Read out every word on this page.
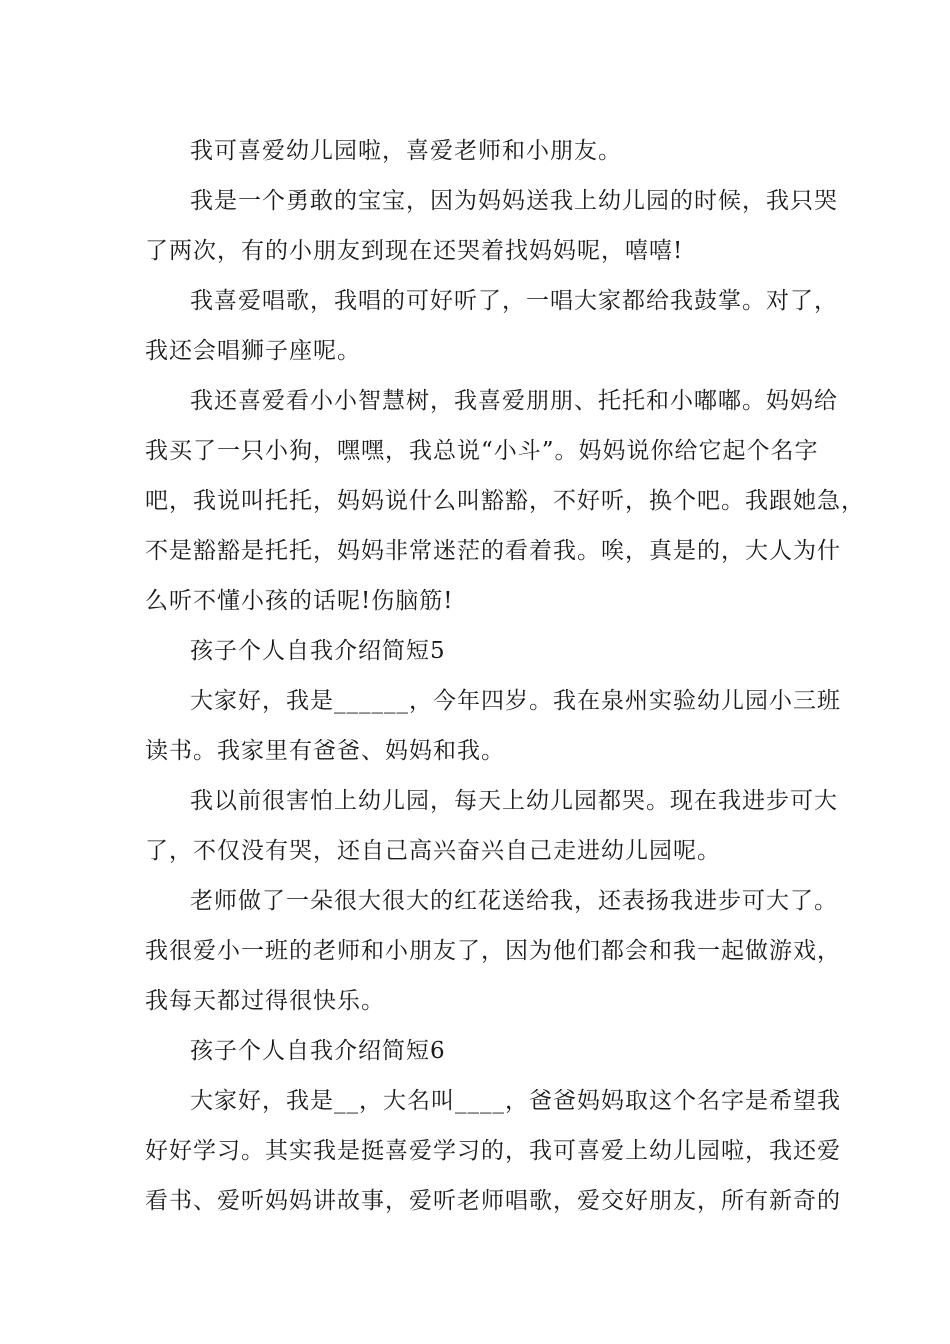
我可喜爱幼儿园啦，喜爱老师和小朋友。
我是一个勇敢的宝宝，因为妈妈送我上幼儿园的时候，我只哭
了两次，有的小朋友到现在还哭着找妈妈呢，嘻嘻!
我喜爱唱歌，我唱的可好听了，一唱大家都给我鼓掌。对了，
我还会唱狮子座呢。
我还喜爱看小小智慧树，我喜爱朋朋、托托和小嘟嘟。妈妈给
我买了一只小狗，嘿嘿，我总说“小斗”。妈妈说你给它起个名字
吧，我说叫托托，妈妈说什么叫豁豁，不好听，换个吧。我跟她急，
不是豁豁是托托，妈妈非常迷茫的看着我。唉，真是的，大人为什
么听不懂小孩的话呢!伤脑筋!
孩子个人自我介绍简短5
大家好，我是______，今年四岁。我在泉州实验幼儿园小三班
读书。我家里有爸爸、妈妈和我。
我以前很害怕上幼儿园，每天上幼儿园都哭。现在我进步可大
了，不仅没有哭，还自己高兴奋兴自己走进幼儿园呢。
老师做了一朵很大很大的红花送给我，还表扬我进步可大了。
我很爱小一班的老师和小朋友了，因为他们都会和我一起做游戏，
我每天都过得很快乐。
孩子个人自我介绍简短6
大家好，我是__，大名叫____，爸爸妈妈取这个名字是希望我
好好学习。其实我是挺喜爱学习的，我可喜爱上幼儿园啦，我还爱
看书、爱听妈妈讲故事，爱听老师唱歌，爱交好朋友，所有新奇的
